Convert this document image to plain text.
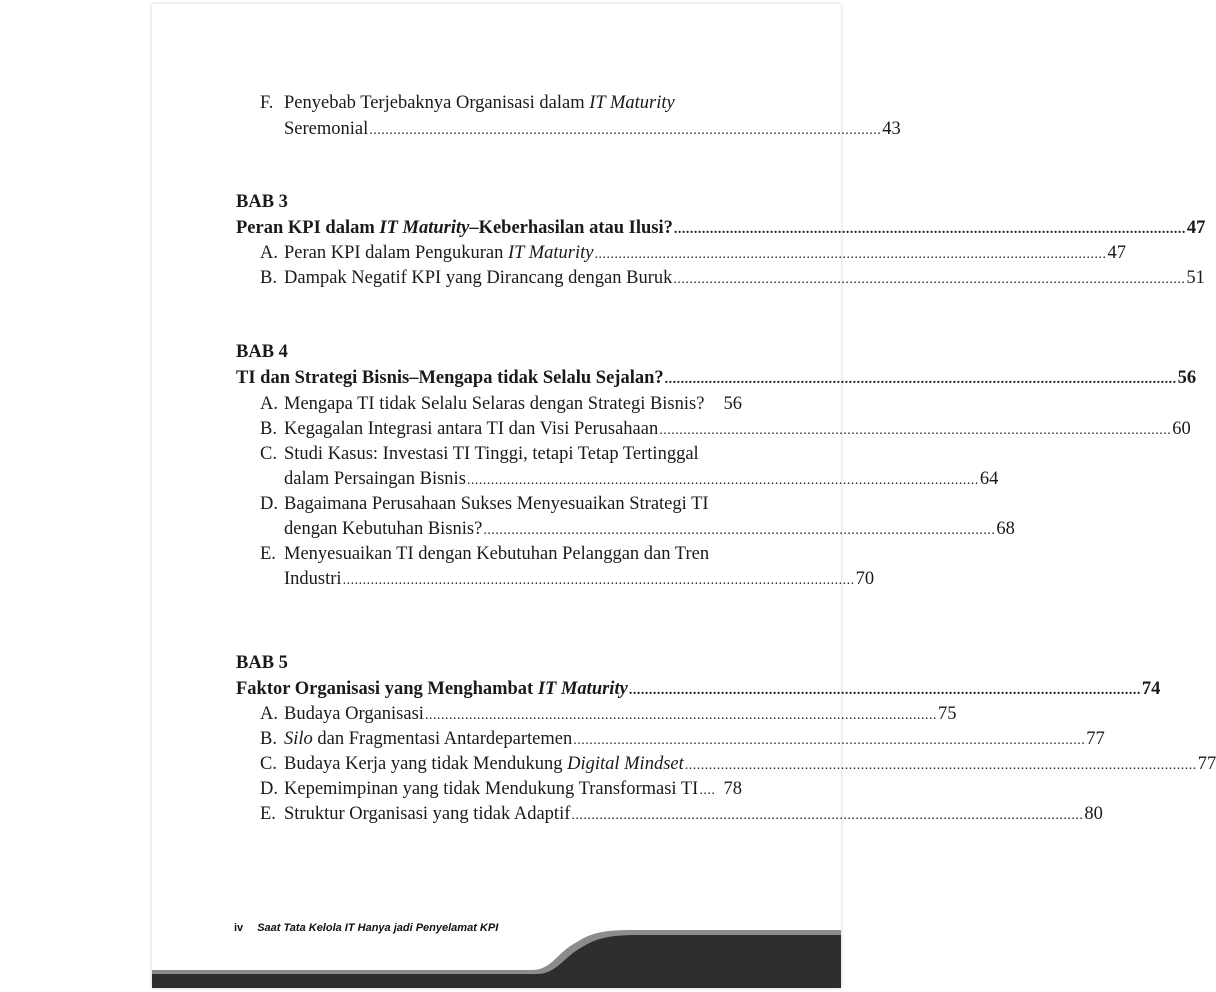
F. Penyebab Terjebaknya Organisasi dalam IT Maturity
Seremonial ................................................................................................................................ 43
BAB 3
Peran KPI dalam IT Maturity–Keberhasilan atau Ilusi? ................................................................................................................................ 47
A. Peran KPI dalam Pengukuran IT Maturity ................................................................................................................................ 47
B. Dampak Negatif KPI yang Dirancang dengan Buruk ................................................................................................................................ 51
BAB 4
TI dan Strategi Bisnis–Mengapa tidak Selalu Sejalan? ................................................................................................................................ 56
A. Mengapa TI tidak Selalu Selaras dengan Strategi Bisnis? 56
B. Kegagalan Integrasi antara TI dan Visi Perusahaan ................................................................................................................................ 60
C. Studi Kasus: Investasi TI Tinggi, tetapi Tetap Tertinggal
dalam Persaingan Bisnis ................................................................................................................................ 64
D. Bagaimana Perusahaan Sukses Menyesuaikan Strategi TI
dengan Kebutuhan Bisnis? ................................................................................................................................ 68
E. Menyesuaikan TI dengan Kebutuhan Pelanggan dan Tren
Industri ................................................................................................................................ 70
BAB 5
Faktor Organisasi yang Menghambat IT Maturity ................................................................................................................................ 74
A. Budaya Organisasi ................................................................................................................................ 75
B. Silo dan Fragmentasi Antardepartemen ................................................................................................................................ 77
C. Budaya Kerja yang tidak Mendukung Digital Mindset ................................................................................................................................ 77
D. Kepemimpinan yang tidak Mendukung Transformasi TI .... 78
E. Struktur Organisasi yang tidak Adaptif ................................................................................................................................ 80
iv Saat Tata Kelola IT Hanya jadi Penyelamat KPI
